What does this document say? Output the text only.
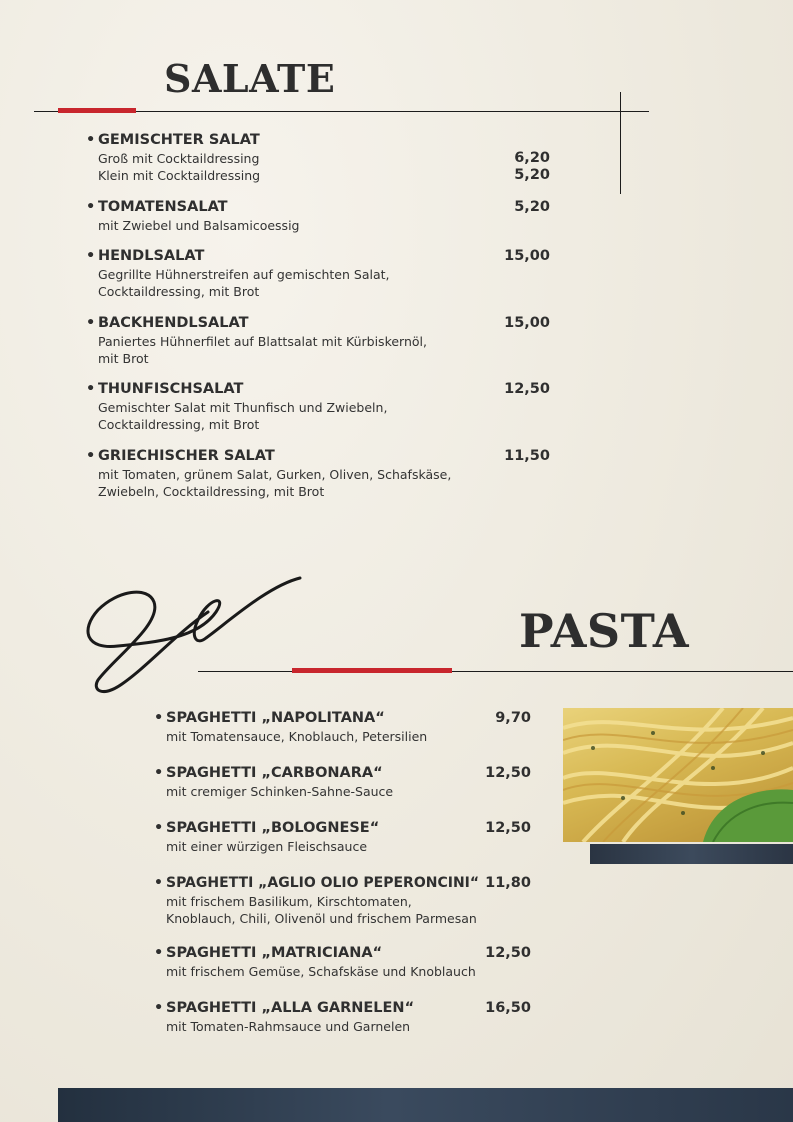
SALATE
• GEMISCHTER SALAT
Groß mit Cocktaildressing	6,20
Klein mit Cocktaildressing	5,20
• TOMATENSALAT	5,20
mit Zwiebel und Balsamicoessig
• HENDLSALAT	15,00
Gegrillte Hühnerstreifen auf gemischten Salat,
Cocktaildressing, mit Brot
• BACKHENDLSALAT	15,00
Paniertes Hühnerfilet auf Blattsalat mit Kürbiskernöl,
mit Brot
• THUNFISCHSALAT	12,50
Gemischter Salat mit Thunfisch und Zwiebeln,
Cocktaildressing, mit Brot
• GRIECHISCHER SALAT	11,50
mit Tomaten, grünem Salat, Gurken, Oliven, Schafskäse,
Zwiebeln, Cocktaildressing, mit Brot
PASTA
• SPAGHETTI „NAPOLITANA“	9,70
mit Tomatensauce, Knoblauch, Petersilien
• SPAGHETTI „CARBONARA“	12,50
mit cremiger Schinken-Sahne-Sauce
• SPAGHETTI „BOLOGNESE“	12,50
mit einer würzigen Fleischsauce
• SPAGHETTI „AGLIO OLIO PEPERONCINI“ 11,80
mit frischem Basilikum, Kirschtomaten,
Knoblauch, Chili, Olivenöl und frischem Parmesan
• SPAGHETTI „MATRICIANA“	12,50
mit frischem Gemüse, Schafskäse und Knoblauch
• SPAGHETTI „ALLA GARNELEN“	16,50
mit Tomaten-Rahmsauce und Garnelen
